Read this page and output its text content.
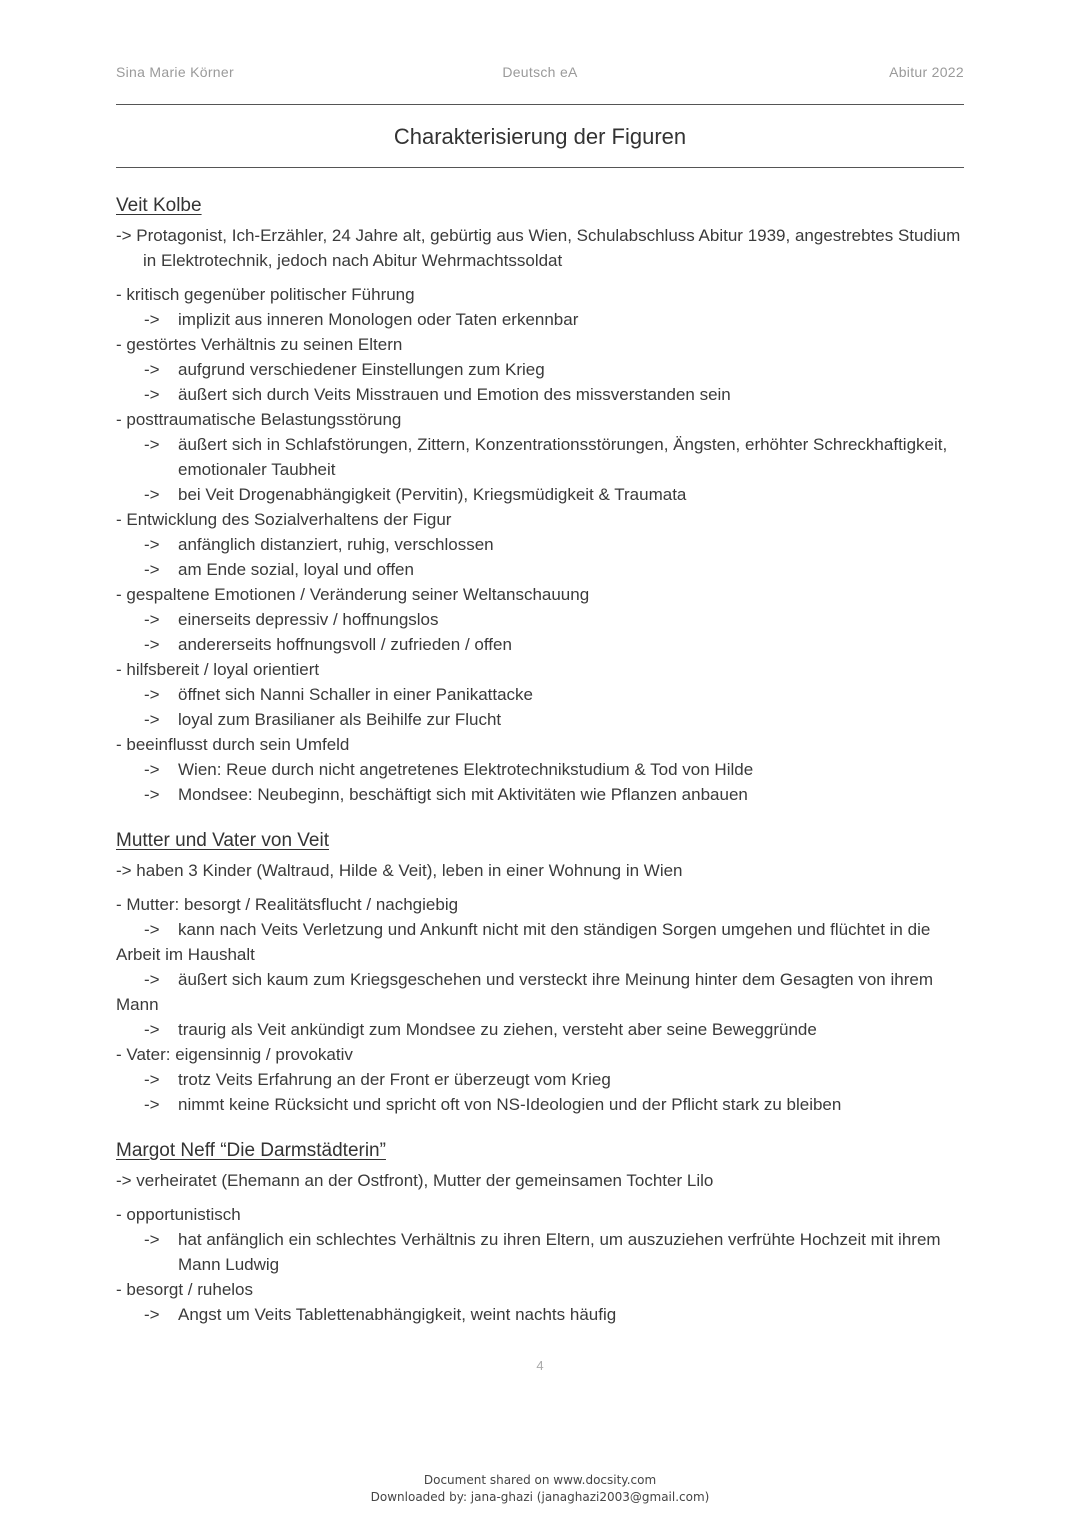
Sina Marie Körner	Deutsch eA	Abitur 2022
Charakterisierung der Figuren
Veit Kolbe
-> Protagonist, Ich-Erzähler, 24 Jahre alt, gebürtig aus Wien, Schulabschluss Abitur 1939, angestrebtes Studium in Elektrotechnik, jedoch nach Abitur Wehrmachtssoldat
- kritisch gegenüber politischer Führung
-> implizit aus inneren Monologen oder Taten erkennbar
- gestörtes Verhältnis zu seinen Eltern
-> aufgrund verschiedener Einstellungen zum Krieg
-> äußert sich durch Veits Misstrauen und Emotion des missverstanden sein
- posttraumatische Belastungsstörung
-> äußert sich in Schlafstörungen, Zittern, Konzentrationsstörungen, Ängsten, erhöhter Schreckhaftigkeit, emotionaler Taubheit
-> bei Veit Drogenabhängigkeit (Pervitin), Kriegsmüdigkeit & Traumata
- Entwicklung des Sozialverhaltens der Figur
-> anfänglich distanziert, ruhig, verschlossen
-> am Ende sozial, loyal und offen
- gespaltene Emotionen / Veränderung seiner Weltanschauung
-> einerseits depressiv / hoffnungslos
-> andererseits hoffnungsvoll / zufrieden / offen
- hilfsbereit / loyal orientiert
-> öffnet sich Nanni Schaller in einer Panikattacke
-> loyal zum Brasilianer als Beihilfe zur Flucht
- beeinflusst durch sein Umfeld
-> Wien: Reue durch nicht angetretenes Elektrotechnikstudium & Tod von Hilde
-> Mondsee: Neubeginn, beschäftigt sich mit Aktivitäten wie Pflanzen anbauen
Mutter und Vater von Veit
-> haben 3 Kinder (Waltraud, Hilde & Veit), leben in einer Wohnung in Wien
- Mutter: besorgt / Realitätsflucht / nachgiebig
-> kann nach Veits Verletzung und Ankunft nicht mit den ständigen Sorgen umgehen und flüchtet in die Arbeit im Haushalt
-> äußert sich kaum zum Kriegsgeschehen und versteckt ihre Meinung hinter dem Gesagten von ihrem Mann
-> traurig als Veit ankündigt zum Mondsee zu ziehen, versteht aber seine Beweggründe
- Vater: eigensinnig / provokativ
-> trotz Veits Erfahrung an der Front er überzeugt vom Krieg
-> nimmt keine Rücksicht und spricht oft von NS-Ideologien und der Pflicht stark zu bleiben
Margot Neff “Die Darmstädterin”
-> verheiratet (Ehemann an der Ostfront), Mutter der gemeinsamen Tochter Lilo
- opportunistisch
-> hat anfänglich ein schlechtes Verhältnis zu ihren Eltern, um auszuziehen verfrühte Hochzeit mit ihrem Mann Ludwig
- besorgt / ruhelos
-> Angst um Veits Tablettenabhängigkeit, weint nachts häufig
4
Document shared on www.docsity.com
Downloaded by: jana-ghazi (janaghazi2003@gmail.com)
